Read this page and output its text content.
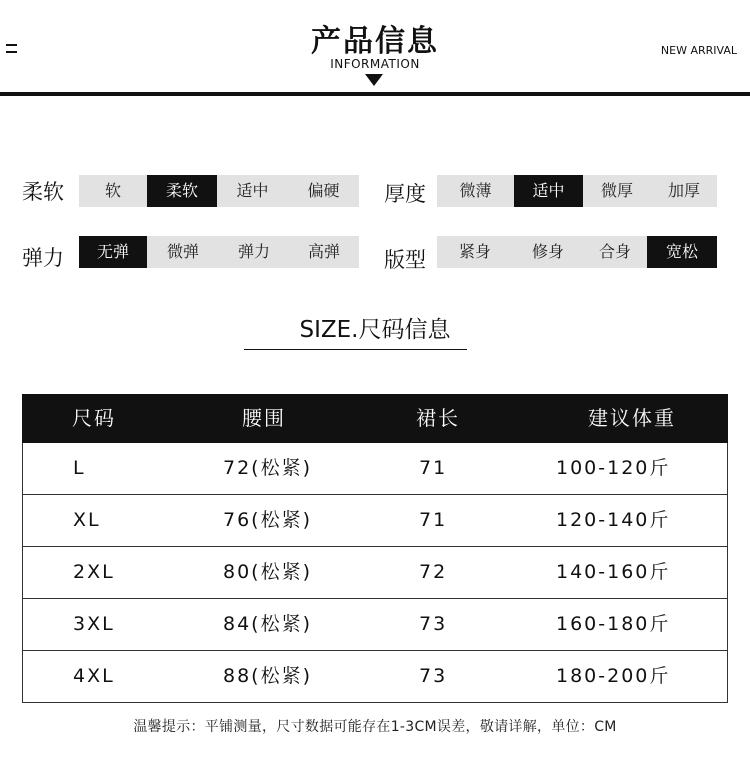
产品信息
INFORMATION
NEW ARRIVAL
柔软	软	柔软	适中	偏硬	厚度	微薄	适中	微厚	加厚
弹力	无弹	微弹	弹力	高弹	版型	紧身	修身	合身	宽松
SIZE.尺码信息
尺码	腰围	裙长	建议体重
L	72(松紧)	71	100-120斤
XL	76(松紧)	71	120-140斤
2XL	80(松紧)	72	140-160斤
3XL	84(松紧)	73	160-180斤
4XL	88(松紧)	73	180-200斤
温馨提示：平铺测量，尺寸数据可能存在1-3CM误差，敬请详解，单位：CM
